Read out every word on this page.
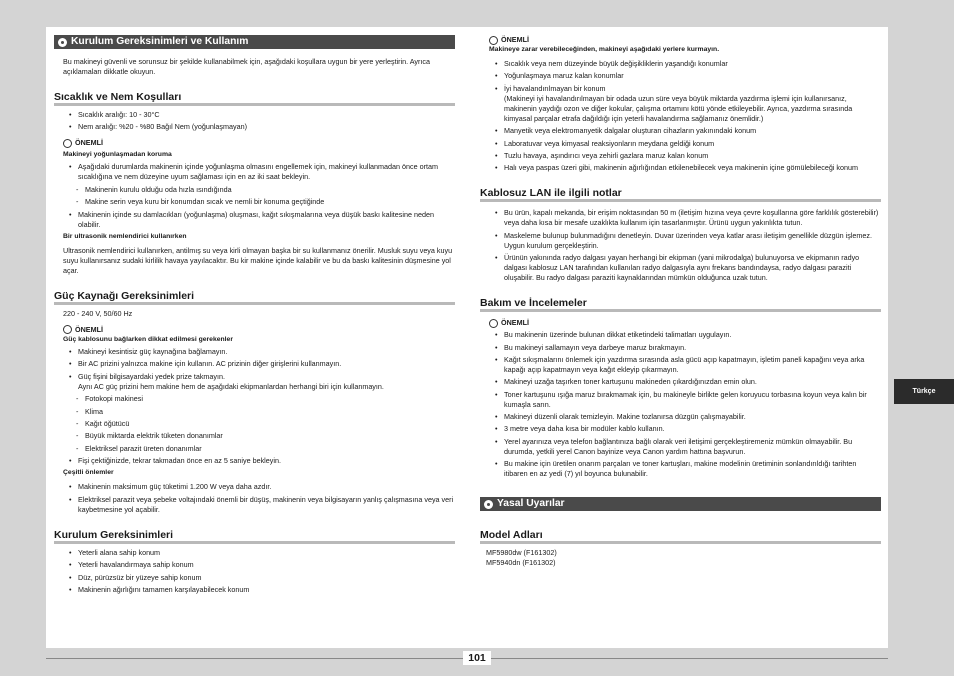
Kurulum Gereksinimleri ve Kullanım
Bu makineyi güvenli ve sorunsuz bir şekilde kullanabilmek için, aşağıdaki koşullara uygun bir yere yerleştirin. Ayrıca açıklamaları dikkatle okuyun.
Sıcaklık ve Nem Koşulları
• Sıcaklık aralığı: 10 - 30°C
• Nem aralığı: %20 - %80 Bağıl Nem (yoğunlaşmayan)
ÖNEMLİ
Makineyi yoğunlaşmadan koruma
• Aşağıdaki durumlarda makinenin içinde yoğunlaşma olmasını engellemek için, makineyi kullanmadan önce ortam sıcaklığına ve nem düzeyine uyum sağlaması için en az iki saat bekleyin.
- Makinenin kurulu olduğu oda hızla ısındığında
- Makine serin veya kuru bir konumdan sıcak ve nemli bir konuma geçtiğinde
• Makinenin içinde su damlacıkları (yoğunlaşma) oluşması, kağıt sıkışmalarına veya düşük baskı kalitesine neden olabilir.
Bir ultrasonik nemlendirici kullanırken
Ultrasonik nemlendirici kullanırken, antilmış su veya kirli olmayan başka bir su kullanmanız önerilir. Musluk suyu veya kuyu suyu kullanırsanız sudaki kirlilik havaya yayılacaktır. Bu kir makine içinde kalabilir ve bu da baskı kalitesinin düşmesine yol açar.
Güç Kaynağı Gereksinimleri
220 - 240 V, 50/60 Hz
ÖNEMLİ
Güç kablosunu bağlarken dikkat edilmesi gerekenler
• Makineyi kesintisiz güç kaynağına bağlamayın.
• Bir AC prizini yalnızca makine için kullanın. AC prizinin diğer girişlerini kullanmayın.
• Güç fişini bilgisayardaki yedek prize takmayın.
Aynı AC güç prizini hem makine hem de aşağıdaki ekipmanlardan herhangi biri için kullanmayın.
- Fotokopi makinesi
- Klima
- Kağıt öğütücü
- Büyük miktarda elektrik tüketen donanımlar
- Elektriksel parazit üreten donanımlar
• Fişi çektiğinizde, tekrar takmadan önce en az 5 saniye bekleyin.
Çeşitli önlemler
• Makinenin maksimum güç tüketimi 1.200 W veya daha azdır.
• Elektriksel parazit veya şebeke voltajındaki önemli bir düşüş, makinenin veya bilgisayarın yanlış çalışmasına veya veri kaybetmesine yol açabilir.
Kurulum Gereksinimleri
• Yeterli alana sahip konum
• Yeterli havalandırmaya sahip konum
• Düz, pürüzsüz bir yüzeye sahip konum
• Makinenin ağırlığını tamamen karşılayabilecek konum
ÖNEMLİ
Makineye zarar verebileceğinden, makineyi aşağıdaki yerlere kurmayın.
• Sıcaklık veya nem düzeyinde büyük değişikliklerin yaşandığı konumlar
• Yoğunlaşmaya maruz kalan konumlar
• İyi havalandırılmayan bir konum
(Makineyi iyi havalandırılmayan bir odada uzun süre veya büyük miktarda yazdırma işlemi için kullanırsanız, makinenin yaydığı ozon ve diğer kokular, çalışma ortamını kötü yönde etkileyebilir. Ayrıca, yazdırma sırasında kimyasal parçalar etrafa dağıldığı için yeterli havalandırma sağlamanız önemlidir.)
• Manyetik veya elektromanyetik dalgalar oluşturan cihazların yakınındaki konum
• Laboratuvar veya kimyasal reaksiyonların meydana geldiği konum
• Tuzlu havaya, aşındırıcı veya zehirli gazlara maruz kalan konum
• Halı veya paspas üzeri gibi, makinenin ağırlığından etkilenebilecek veya makinenin içine gömülebileceği konum
Kablosuz LAN ile ilgili notlar
• Bu ürün, kapalı mekanda, bir erişim noktasından 50 m (iletişim hızına veya çevre koşullarına göre farklılık gösterebilir) veya daha kısa bir mesafe uzaklıkta kullanım için tasarlanmıştır. Ürünü uygun yakınlıkta tutun.
• Maskeleme bulunup bulunmadığını denetleyin. Duvar üzerinden veya katlar arası iletişim genellikle düzgün işlemez. Uygun kurulum gerçekleştirin.
• Ürünün yakınında radyo dalgası yayan herhangi bir ekipman (yani mikrodalga) bulunuyorsa ve ekipmanın radyo dalgası kablosuz LAN tarafından kullanılan radyo dalgasıyla aynı frekans bandındaysa, radyo dalgası paraziti oluşabilir. Bu radyo dalgası paraziti kaynaklarından mümkün olduğunca uzak tutun.
Bakım ve İncelemeler
ÖNEMLİ
• Bu makinenin üzerinde bulunan dikkat etiketindeki talimatları uygulayın.
• Bu makineyi sallamayın veya darbeye maruz bırakmayın.
• Kağıt sıkışmalarını önlemek için yazdırma sırasında asla gücü açıp kapatmayın, işletim paneli kapağını veya arka kapağı açıp kapatmayın veya kağıt ekleyip çıkarmayın.
• Makineyi uzağa taşırken toner kartuşunu makineden çıkardığınızdan emin olun.
• Toner kartuşunu ışığa maruz bırakmamak için, bu makineyle birlikte gelen koruyucu torbasına koyun veya kalın bir kumaşla sarın.
• Makineyi düzenli olarak temizleyin. Makine tozlanırsa düzgün çalışmayabilir.
• 3 metre veya daha kısa bir modüler kablo kullanın.
• Yerel ayarınıza veya telefon bağlantınıza bağlı olarak veri iletişimi gerçekleştiremeniz mümkün olmayabilir. Bu durumda, yetkili yerel Canon bayinize veya Canon yardım hattına başvurun.
• Bu makine için üretilen onarım parçaları ve toner kartuşları, makine modelinin üretiminin sonlandırıldığı tarihten itibaren en az yedi (7) yıl boyunca bulunabilir.
Yasal Uyarılar
Model Adları
MF5980dw (F161302)
MF5940dn (F161302)
101
Türkçe
